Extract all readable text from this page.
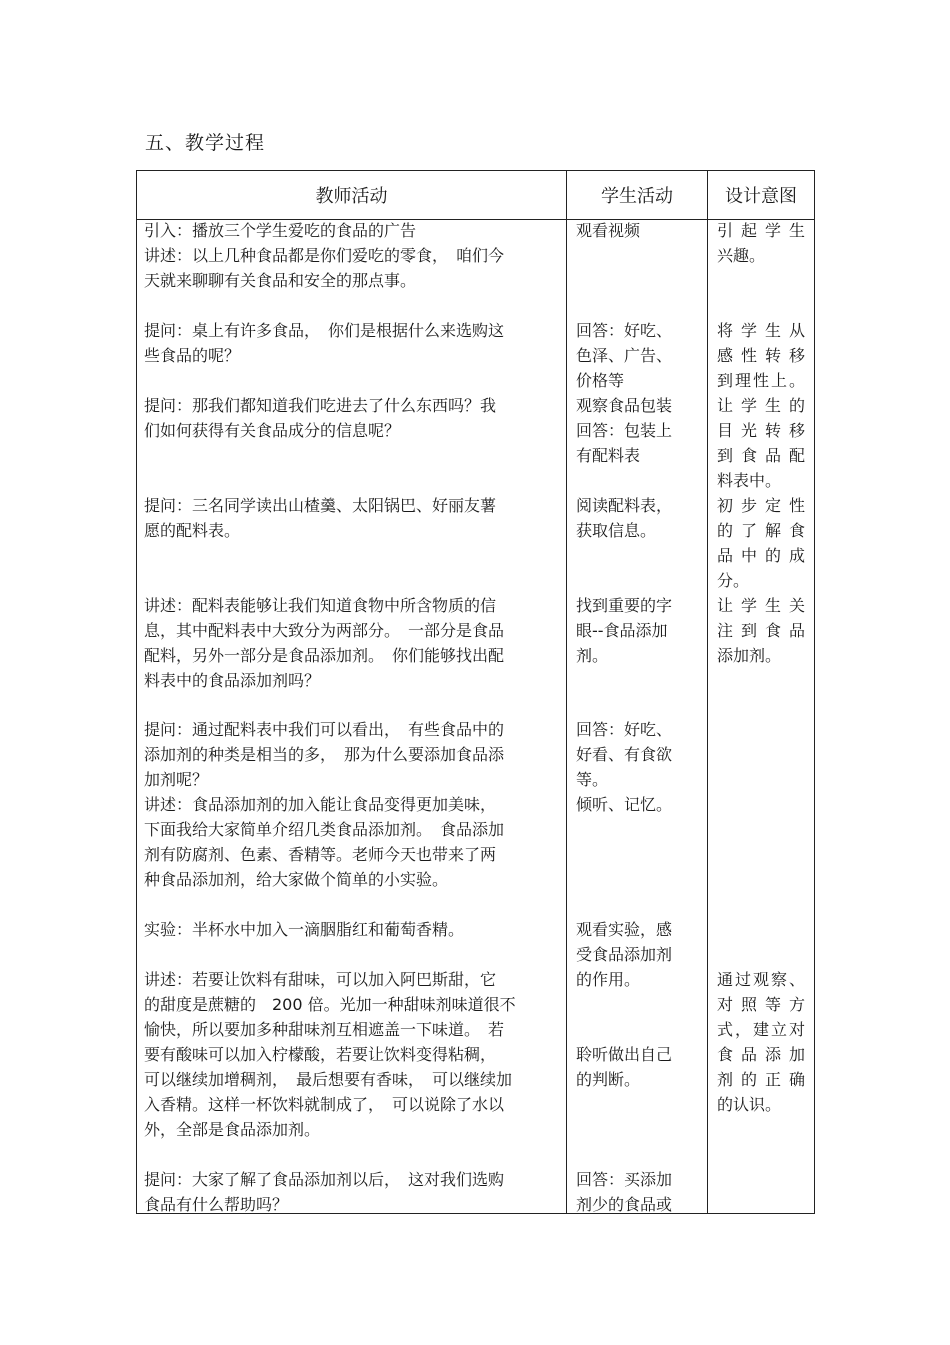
五、教学过程
教师活动	学生活动	设计意图
引入：播放三个学生爱吃的食品的广告
讲述：以上几种食品都是你们爱吃的零食，　咱们今
天就来聊聊有关食品和安全的那点事。
提问：桌上有许多食品，　你们是根据什么来选购这
些食品的呢？
提问：那我们都知道我们吃进去了什么东西吗？我
们如何获得有关食品成分的信息呢？
提问：三名同学读出山楂羹、太阳锅巴、好丽友薯
愿的配料表。
讲述：配料表能够让我们知道食物中所含物质的信
息，其中配料表中大致分为两部分。　一部分是食品
配料，另外一部分是食品添加剂。　你们能够找出配
料表中的食品添加剂吗？
提问：通过配料表中我们可以看出，　有些食品中的
添加剂的种类是相当的多，　那为什么要添加食品添
加剂呢？
讲述：食品添加剂的加入能让食品变得更加美味，
下面我给大家简单介绍几类食品添加剂。　食品添加
剂有防腐剂、色素、香精等。老师今天也带来了两
种食品添加剂，给大家做个简单的小实验。
实验：半杯水中加入一滴胭脂红和葡萄香精。
讲述：若要让饮料有甜味，可以加入阿巴斯甜，它
的甜度是蔗糖的　200 倍。光加一种甜味剂味道很不
愉快，所以要加多种甜味剂互相遮盖一下味道。　若
要有酸味可以加入柠檬酸，若要让饮料变得粘稠，
可以继续加增稠剂，　最后想要有香味，　可以继续加
入香精。这样一杯饮料就制成了，　可以说除了水以
外，全部是食品添加剂。
提问：大家了解了食品添加剂以后，　这对我们选购
食品有什么帮助吗？
观看视频
回答：好吃、
色泽、广告、
价格等
观察食品包装
回答：包装上
有配料表
阅读配料表，
获取信息。
找到重要的字
眼--食品添加
剂。
回答：好吃、
好看、有食欲
等。
倾听、记忆。
观看实验，感
受食品添加剂
的作用。
聆听做出自己
的判断。
回答：买添加
剂少的食品或
引起学生
兴趣。
将学生从
感性转移
到理性上。
让学生的
目光转移
到食品配
料表中。
初步定性
的了解食
品中的成
分。
让学生关
注到食品
添加剂。
通过观察、
对照等方
式，建立对
食品添加
剂的正确
的认识。
